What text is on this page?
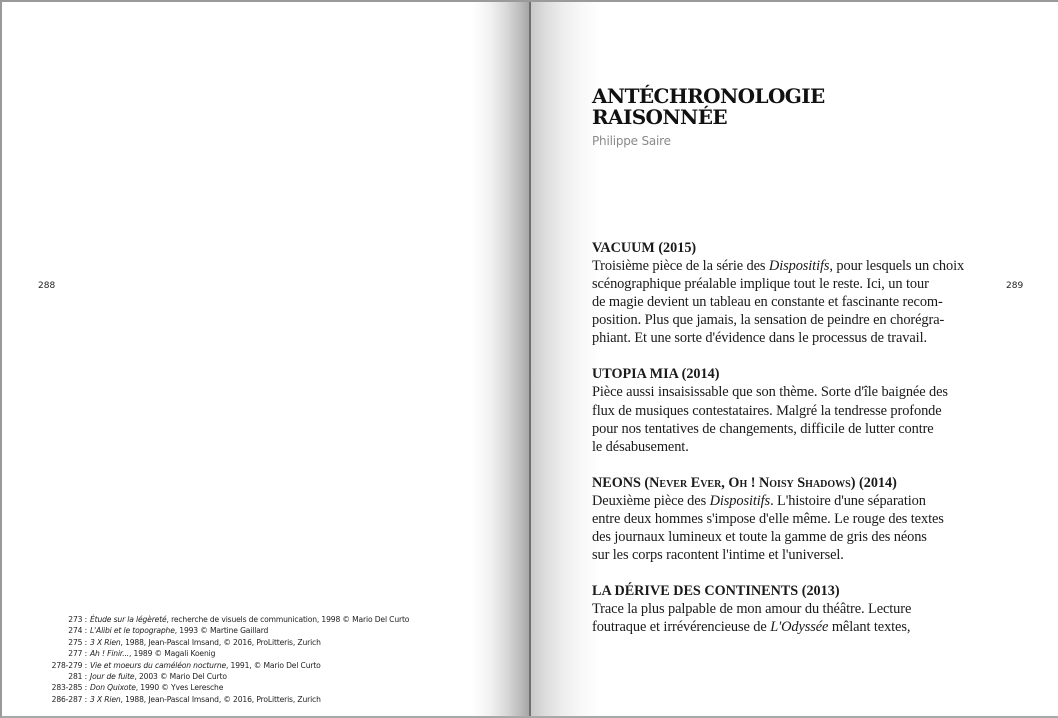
288
273 : Étude sur la légèreté , recherche de visuels de communication, 1998 © Mario Del Curto
274 : L'Alibi et le topographe , 1993 © Martine Gaillard
275 : 3 X Rien , 1988, Jean-Pascal Imsand, © 2016, ProLitteris, Zurich
277 : Ah ! Finir... , 1989 © Magali Koenig
278-279 : Vie et moeurs du caméléon nocturne , 1991, © Mario Del Curto
281 : Jour de fuite , 2003 © Mario Del Curto
283-285 : Don Quixote , 1990 © Yves Leresche
286-287 : 3 X Rien , 1988, Jean-Pascal Imsand, © 2016, ProLitteris, Zurich
289
ANTÉCHRONOLOGIE
RAISONNÉE
Philippe Saire
VACUUM (2015)
Troisième pièce de la série des Dispositifs, pour lesquels un choix
scénographique préalable implique tout le reste. Ici, un tour
de magie devient un tableau en constante et fascinante recom-
position. Plus que jamais, la sensation de peindre en chorégra-
phiant. Et une sorte d'évidence dans le processus de travail.
UTOPIA MIA (2014)
Pièce aussi insaisissable que son thème. Sorte d'île baignée des
flux de musiques contestataires. Malgré la tendresse profonde
pour nos tentatives de changements, difficile de lutter contre
le désabusement.
NEONS (Never Ever, Oh ! Noisy Shadows) (2014)
Deuxième pièce des Dispositifs. L'histoire d'une séparation
entre deux hommes s'impose d'elle même. Le rouge des textes
des journaux lumineux et toute la gamme de gris des néons
sur les corps racontent l'intime et l'universel.
LA DÉRIVE DES CONTINENTS (2013)
Trace la plus palpable de mon amour du théâtre. Lecture
foutraque et irrévérencieuse de L'Odyssée mêlant textes,
